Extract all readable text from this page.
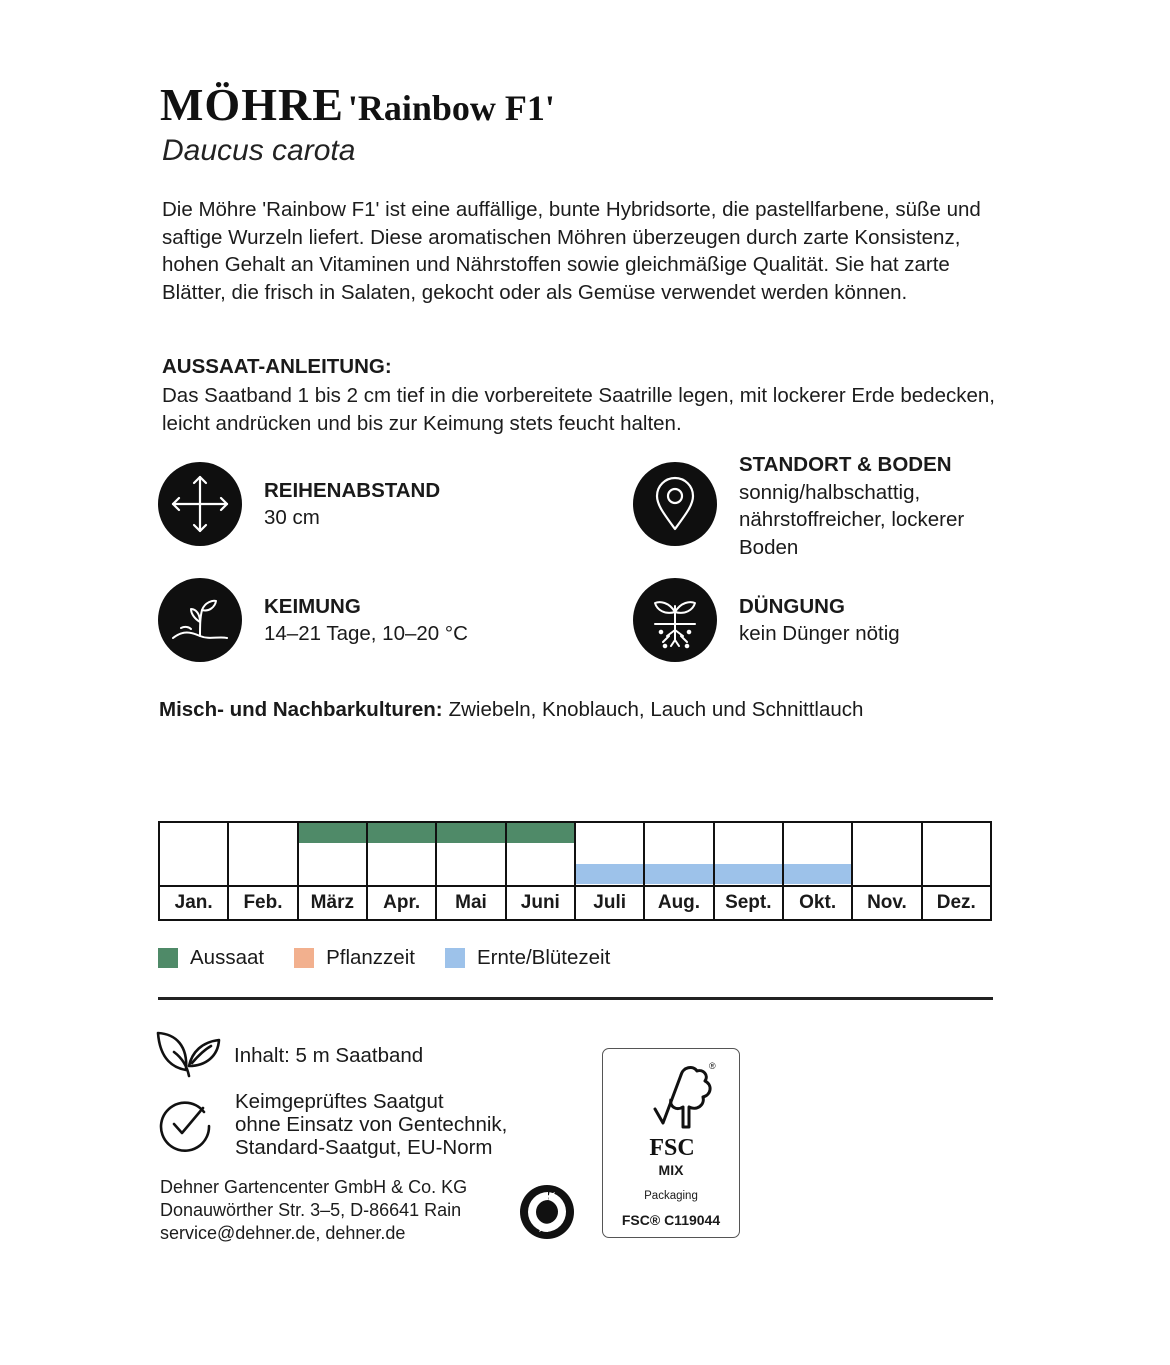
MÖHRE 'Rainbow F1'
Daucus carota

Die Möhre 'Rainbow F1' ist eine auffällige, bunte Hybridsorte, die pastellfarbene, süße und saftige Wurzeln liefert. Diese aromatischen Möhren überzeugen durch zarte Konsistenz, hohen Gehalt an Vitaminen und Nährstoffen sowie gleichmäßige Qualität. Sie hat zarte Blätter, die frisch in Salaten, gekocht oder als Gemüse verwendet werden können.

AUSSAAT-ANLEITUNG:

Das Saatband 1 bis 2 cm tief in die vorbereitete Saatrille legen, mit lockerer Erde bedecken, leicht andrücken und bis zur Keimung stets feucht halten.

REIHENABSTAND
30 cm
STANDORT & BODEN
sonnig/halbschattig, nährstoffreicher, lockerer Boden
KEIMUNG
14–21 Tage, 10–20 °C
DÜNGUNG
kein Dünger nötig
Misch- und Nachbarkulturen: Zwiebeln, Knoblauch, Lauch und Schnittlauch
Jan.	Feb.	März	Apr.	Mai	Juni	Juli	Aug.	Sept.	Okt.	Nov.	Dez.
Aussaat	Pflanzzeit	Ernte/Blütezeit
Inhalt: 5 m Saatband
Keimgeprüftes Saatgut
ohne Einsatz von Gentechnik,
Standard-Saatgut, EU-Norm
Dehner Gartencenter GmbH & Co. KG
Donauwörther Str. 3–5, D-86641 Rain
service@dehner.de, dehner.de
®
FSC
MIX
Packaging
FSC® C119044
